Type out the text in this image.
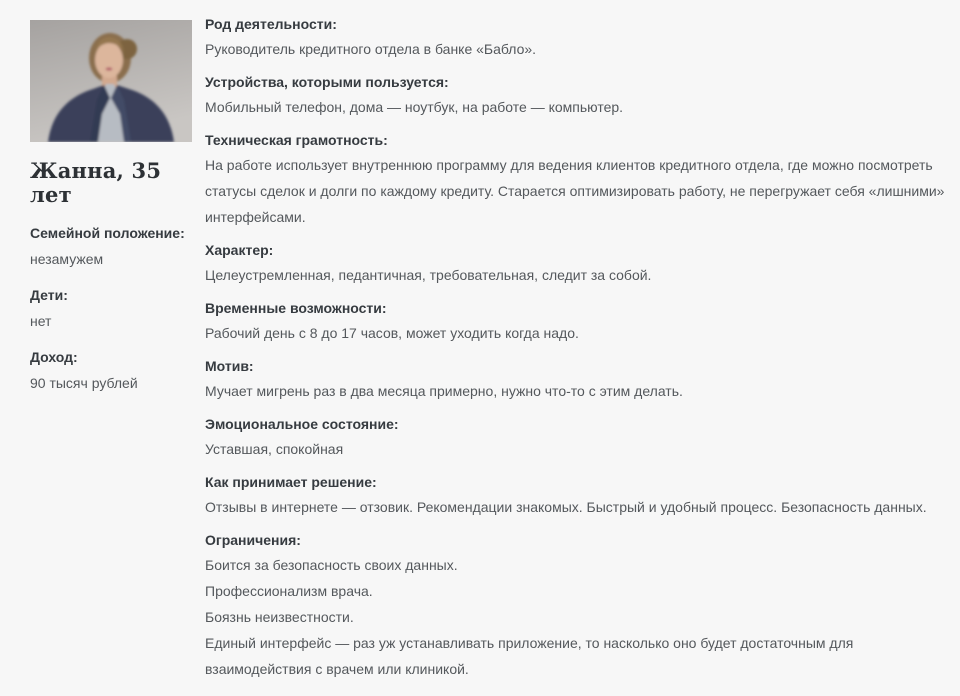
Жанна, 35 лет
Семейной положение:
незамужем
Дети:
нет
Доход:
90 тысяч рублей
Род деятельности:

Руководитель кредитного отдела в банке «Бабло».

Устройства, которыми пользуется:

Мобильный телефон, дома — ноутбук, на работе — компьютер.

Техническая грамотность:

На работе использует внутреннюю программу для ведения клиентов кредитного отдела, где можно посмотреть статусы сделок и долги по каждому кредиту. Старается оптимизировать работу, не перегружает себя «лишними» интерфейсами.

Характер:

Целеустремленная, педантичная, требовательная, следит за собой.

Временные возможности:

Рабочий день с 8 до 17 часов, может уходить когда надо.

Мотив:

Мучает мигрень раз в два месяца примерно, нужно что-то с этим делать.

Эмоциональное состояние:

Уставшая, спокойная

Как принимает решение:

Отзывы в интернете — отзовик. Рекомендации знакомых. Быстрый и удобный процесс. Безопасность данных.

Ограничения:

Боится за безопасность своих данных.

Профессионализм врача.

Боязнь неизвестности.

Единый интерфейс — раз уж устанавливать приложение, то насколько оно будет достаточным для взаимодействия с врачем или клиникой.
